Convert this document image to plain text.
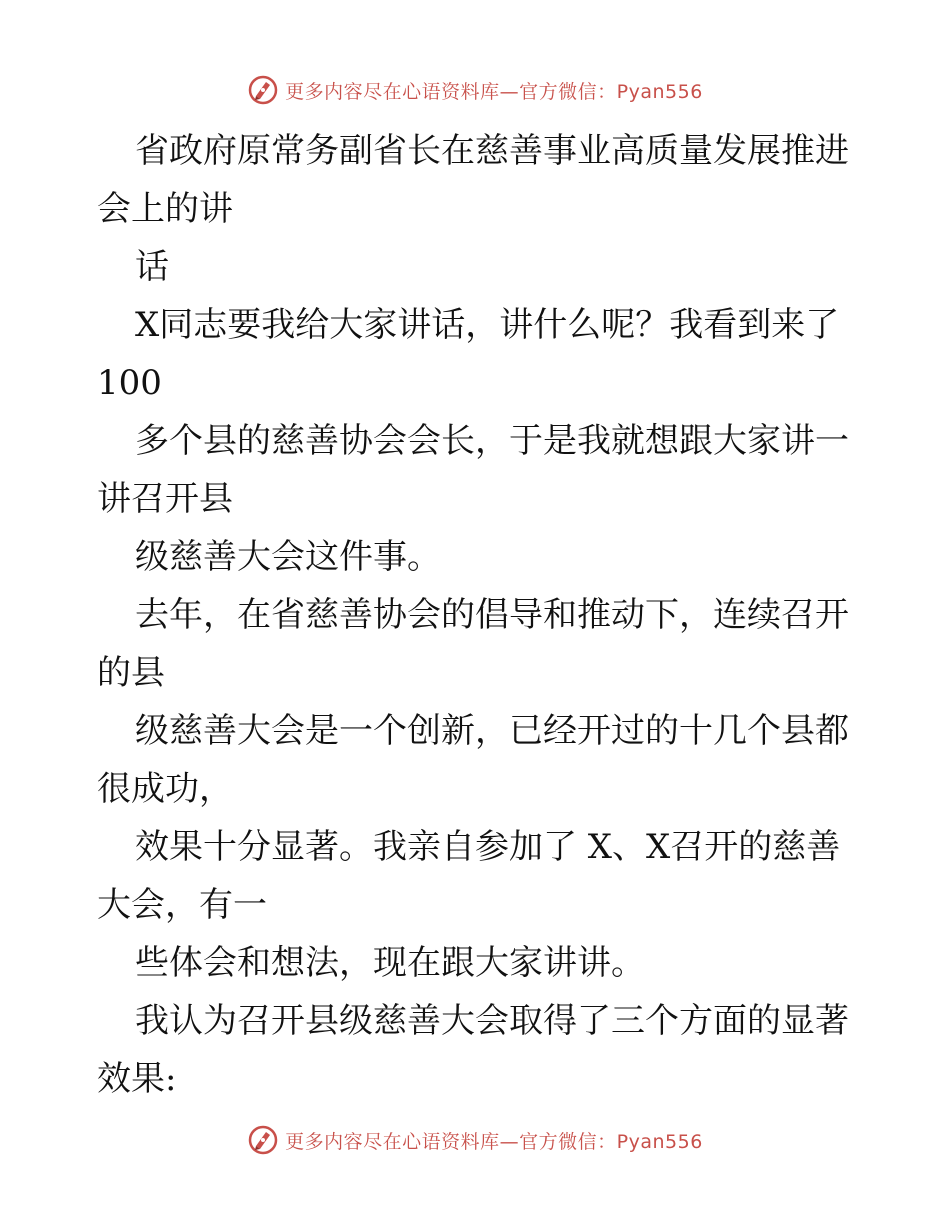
更多内容尽在心语资料库—官方微信：Pyan556
省政府原常务副省长在慈善事业高质量发展推进
会上的讲
话
X同志要我给大家讲话，讲什么呢？我看到来了
100
多个县的慈善协会会长，于是我就想跟大家讲一
讲召开县
级慈善大会这件事。
去年，在省慈善协会的倡导和推动下，连续召开
的县
级慈善大会是一个创新，已经开过的十几个县都
很成功，
效果十分显著。我亲自参加了 X、X召开的慈善
大会，有一
些体会和想法，现在跟大家讲讲。
我认为召开县级慈善大会取得了三个方面的显著
效果:
更多内容尽在心语资料库—官方微信：Pyan556
